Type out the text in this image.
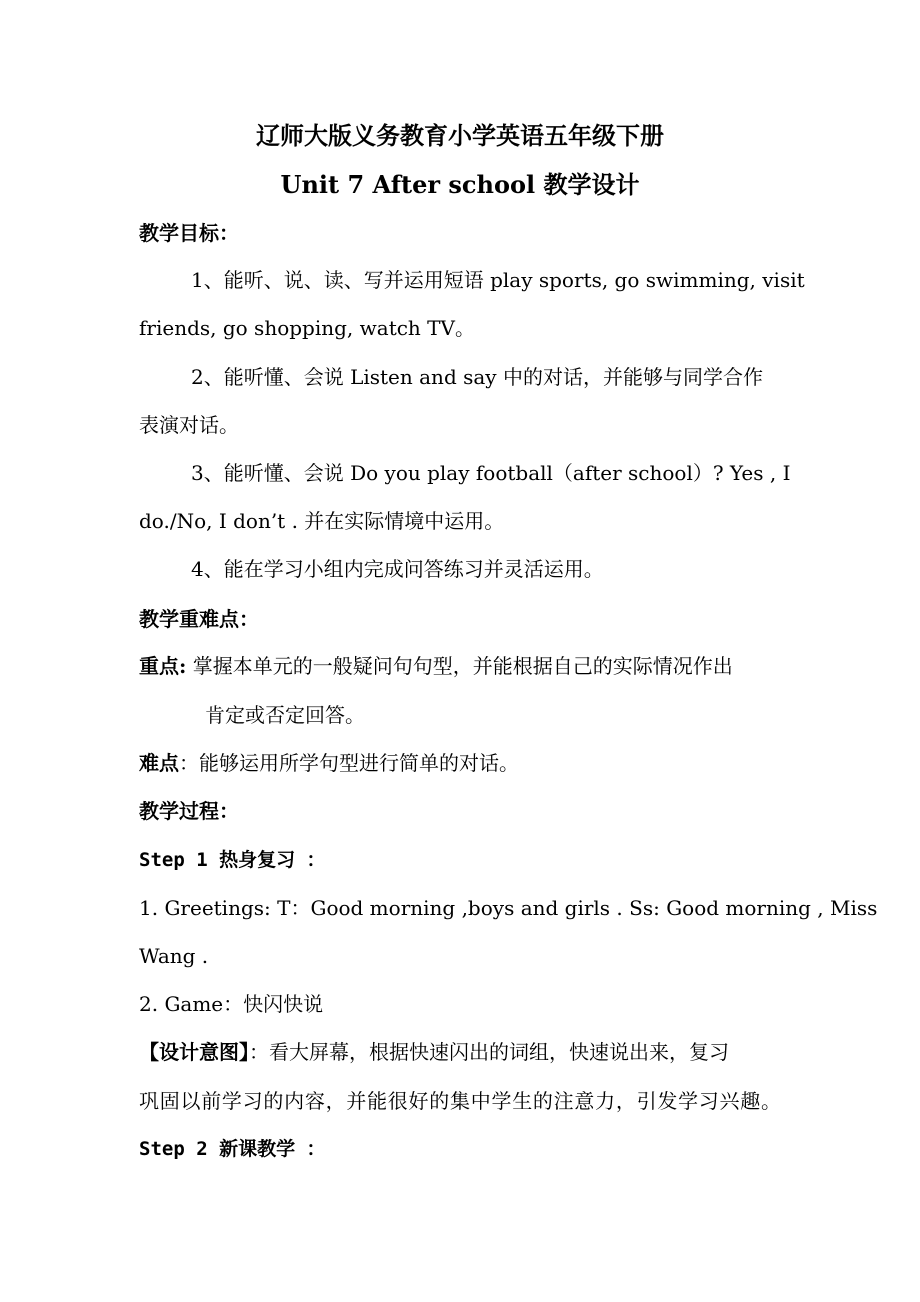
辽师大版义务教育小学英语五年级下册
Unit 7 After school 教学设计
教学目标：
1、能听、说、读、写并运用短语 play sports, go swimming, visit
friends, go shopping, watch TV。
2、能听懂、会说 Listen and say 中的对话，并能够与同学合作
表演对话。
3、能听懂、会说 Do you play football（after school）? Yes , I
do./No, I don’t . 并在实际情境中运用。
4、能在学习小组内完成问答练习并灵活运用。
教学重难点：
重点: 掌握本单元的一般疑问句句型，并能根据自己的实际情况作出
肯定或否定回答。
难点：能够运用所学句型进行简单的对话。
教学过程：
Step 1 热身复习 ：
1. Greetings: T：Good morning ,boys and girls . Ss: Good morning , Miss
Wang .
2. Game：快闪快说
【设计意图】：看大屏幕，根据快速闪出的词组，快速说出来，复习
巩固以前学习的内容，并能很好的集中学生的注意力，引发学习兴趣。
Step 2 新课教学 ：
